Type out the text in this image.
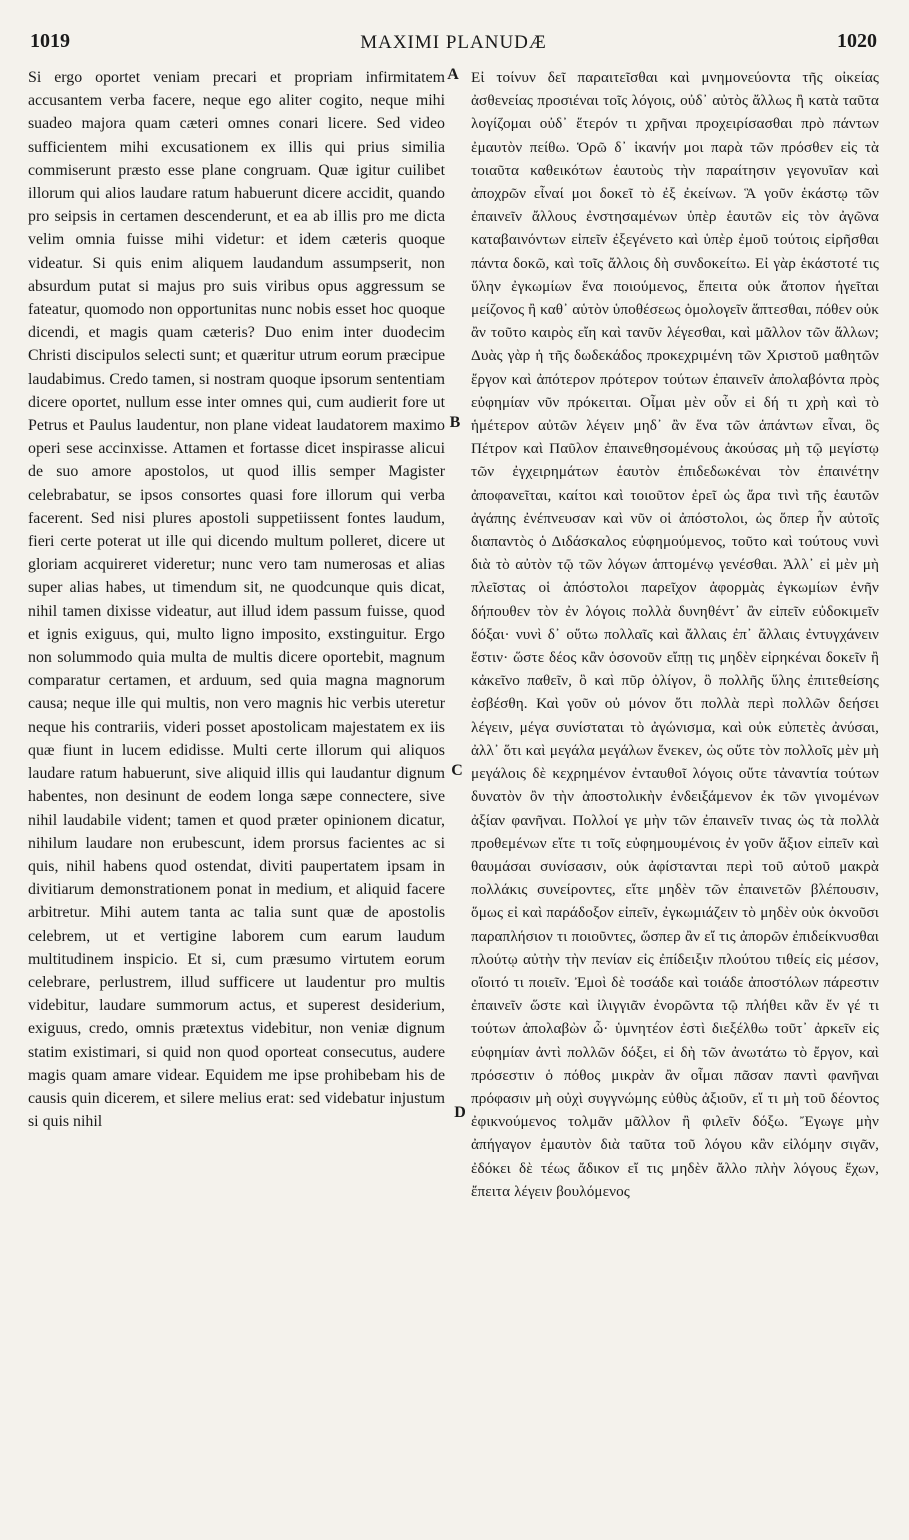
1019	MAXIMI PLANUDÆ	1020

Si ergo oportet veniam precari et propriam infirmitatem accusantem verba facere, neque ego aliter cogito, neque mihi suadeo majora quam cæteri omnes conari licere. Sed video sufficientem mihi excusationem ex illis qui prius similia commiserunt præsto esse plane congruam. Quæ igitur cuilibet illorum qui alios laudare ratum habuerunt dicere accidit, quando pro seipsis in certamen descenderunt, et ea ab illis pro me dicta velim omnia fuisse mihi videtur: et idem cæteris quoque videatur. Si quis enim aliquem laudandum assumpserit, non absurdum putat si majus pro suis viribus opus aggressum se fateatur, quomodo non opportunitas nunc nobis esset hoc quoque dicendi, et magis quam cæteris? Duo enim inter duodecim Christi discipulos selecti sunt; et quæritur utrum eorum præcipue laudabimus. Credo tamen, si nostram quoque ipsorum sententiam dicere oportet, nullum esse inter omnes qui, cum audierit fore ut Petrus et Paulus laudentur, non plane videat laudatorem maximo operi sese accinxisse. Attamen et fortasse dicet inspirasse alicui de suo amore apostolos, ut quod illis semper Magister celebrabatur, se ipsos consortes quasi fore illorum qui verba facerent. Sed nisi plures apostoli suppetiissent fontes laudum, fieri certe poterat ut ille qui dicendo multum polleret, dicere ut gloriam acquireret videretur; nunc vero tam numerosas et alias super alias habes, ut timendum sit, ne quodcunque quis dicat, nihil tamen dixisse videatur, aut illud idem passum fuisse, quod et ignis exiguus, qui, multo ligno imposito, exstinguitur. Ergo non solummodo quia multa de multis dicere oportebit, magnum comparatur certamen, et arduum, sed quia magna magnorum causa; neque ille qui multis, non vero magnis hic verbis uteretur neque his contrariis, videri posset apostolicam majestatem ex iis quæ fiunt in lucem edidisse. Multi certe illorum qui aliquos laudare ratum habuerunt, sive aliquid illis qui laudantur dignum habentes, non desinunt de eodem longa sæpe connectere, sive nihil laudabile vident; tamen et quod præter opinionem dicatur, nihilum laudare non erubescunt, idem prorsus facientes ac si quis, nihil habens quod ostendat, diviti paupertatem ipsam in divitiarum demonstrationem ponat in medium, et aliquid facere arbitretur. Mihi autem tanta ac talia sunt quæ de apostolis celebrem, ut et vertigine laborem cum earum laudum multitudinem inspicio. Et si, cum præsumo virtutem eorum celebrare, perlustrem, illud sufficere ut laudentur pro multis videbitur, laudare summorum actus, et superest desiderium, exiguus, credo, omnis prætextus videbitur, non veniæ dignum statim existimari, si quid non quod oporteat consecutus, audere magis quam amare videar. Equidem me ipse prohibebam his de causis quin dicerem, et silere melius erat: sed videbatur injustum si quis nihil

A
B
C
D

Εἰ τοίνυν δεῖ παραιτεῖσθαι καὶ μνημονεύοντα τῆς οἰκείας ἀσθενείας προσιέναι τοῖς λόγοις, οὐδ᾽ αὐτὸς ἄλλως ἢ κατὰ ταῦτα λογίζομαι οὐδ᾽ ἕτερόν τι χρῆναι προχειρίσασθαι πρὸ πάντων ἐμαυτὸν πείθω. Ὁρῶ δ᾽ ἱκανήν μοι παρὰ τῶν πρόσθεν εἰς τὰ τοιαῦτα καθεικότων ἑαυτοὺς τὴν παραίτησιν γεγονυῖαν καὶ ἀποχρῶν εἶναί μοι δοκεῖ τὸ ἐξ ἐκείνων. Ἃ γοῦν ἑκάστῳ τῶν ἐπαινεῖν ἄλλους ἐνστησαμένων ὑπὲρ ἑαυτῶν εἰς τὸν ἀγῶνα καταβαινόντων εἰπεῖν ἐξεγένετο καὶ ὑπὲρ ἐμοῦ τούτοις εἰρῆσθαι πάντα δοκῶ, καὶ τοῖς ἄλλοις δὴ συνδοκείτω. Εἰ γὰρ ἑκάστοτέ τις ὕλην ἐγκωμίων ἕνα ποιούμενος, ἔπειτα οὐκ ἄτοπον ἡγεῖται μείζονος ἢ καθ᾽ αὑτὸν ὑποθέσεως ὁμολογεῖν ἅπτεσθαι, πόθεν οὐκ ἂν τοῦτο καιρὸς εἴη καὶ τανῦν λέγεσθαι, καὶ μᾶλλον τῶν ἄλλων; Δυὰς γὰρ ἡ τῆς δωδεκάδος προκεχριμένη τῶν Χριστοῦ μαθητῶν ἔργον καὶ ἀπότερον πρότερον τούτων ἐπαινεῖν ἀπολαβόντα πρὸς εὐφημίαν νῦν πρόκειται. Οἶμαι μὲν οὖν εἰ δή τι χρὴ καὶ τὸ ἡμέτερον αὐτῶν λέγειν μηδ᾽ ἂν ἕνα τῶν ἁπάντων εἶναι, ὃς Πέτρον καὶ Παῦλον ἐπαινεθησομένους ἀκούσας μὴ τῷ μεγίστῳ τῶν ἐγχειρημάτων ἑαυτὸν ἐπιδεδωκέναι τὸν ἐπαινέτην ἀποφανεῖται, καίτοι καὶ τοιοῦτον ἐρεῖ ὡς ἄρα τινὶ τῆς ἑαυτῶν ἀγάπης ἐνέπνευσαν καὶ νῦν οἱ ἀπόστολοι, ὡς ὅπερ ἦν αὐτοῖς διαπαντὸς ὁ Διδάσκαλος εὐφημούμενος, τοῦτο καὶ τούτους νυνὶ διὰ τὸ αὐτὸν τῷ τῶν λόγων ἁπτομένῳ γενέσθαι. Ἀλλ᾽ εἰ μὲν μὴ πλεῖστας οἱ ἀπόστολοι παρεῖχον ἀφορμὰς ἐγκωμίων ἐνῆν δήπουθεν τὸν ἐν λόγοις πολλὰ δυνηθέντ᾽ ἂν εἰπεῖν εὐδοκιμεῖν δόξαι· νυνὶ δ᾽ οὕτω πολλαῖς καὶ ἄλλαις ἐπ᾽ ἄλλαις ἐντυγχάνειν ἔστιν· ὥστε δέος κἂν ὁσονοῦν εἴπῃ τις μηδὲν εἰρηκέναι δοκεῖν ἢ κἀκεῖνο παθεῖν, ὃ καὶ πῦρ ὀλίγον, ὃ πολλῆς ὕλης ἐπιτεθείσης ἐσβέσθη. Καὶ γοῦν οὐ μόνον ὅτι πολλὰ περὶ πολλῶν δεήσει λέγειν, μέγα συνίσταται τὸ ἀγώνισμα, καὶ οὐκ εὐπετὲς ἀνύσαι, ἀλλ᾽ ὅτι καὶ μεγάλα μεγάλων ἕνεκεν, ὡς οὔτε τὸν πολλοῖς μὲν μὴ μεγάλοις δὲ κεχρημένον ἐνταυθοῖ λόγοις οὔτε τἀναντία τούτων δυνατὸν ὂν τὴν ἀποστολικὴν ἐνδειξάμενον ἐκ τῶν γινομένων ἀξίαν φανῆναι. Πολλοί γε μὴν τῶν ἐπαινεῖν τινας ὡς τὰ πολλὰ προθεμένων εἴτε τι τοῖς εὐφημουμένοις ἐν γοῦν ἄξιον εἰπεῖν καὶ θαυμάσαι συνίσασιν, οὐκ ἀφίστανται περὶ τοῦ αὐτοῦ μακρὰ πολλάκις συνείροντες, εἴτε μηδὲν τῶν ἐπαινετῶν βλέπουσιν, ὅμως εἰ καὶ παράδοξον εἰπεῖν, ἐγκωμιάζειν τὸ μηδὲν οὐκ ὀκνοῦσι παραπλήσιον τι ποιοῦντες, ὥσπερ ἂν εἴ τις ἀπορῶν ἐπιδείκνυσθαι πλούτῳ αὐτὴν τὴν πενίαν εἰς ἐπίδειξιν πλούτου τιθείς εἰς μέσον, οἴοιτό τι ποιεῖν. Ἐμοὶ δὲ τοσάδε καὶ τοιάδε ἀποστόλων πάρεστιν ἐπαινεῖν ὥστε καὶ ἰλιγγιᾶν ἐνορῶντα τῷ πλήθει κἂν ἔν γέ τι τούτων ἀπολαβὼν ὦ· ὑμνητέον ἐστὶ διεξέλθω τοῦτ᾽ ἀρκεῖν εἰς εὐφημίαν ἀντὶ πολλῶν δόξει, εἰ δὴ τῶν ἀνωτάτω τὸ ἔργον, καὶ πρόσεστιν ὁ πόθος μικρὰν ἂν οἶμαι πᾶσαν παντὶ φανῆναι πρόφασιν μὴ οὐχὶ συγγνώμης εὐθὺς ἀξιοῦν, εἴ τι μὴ τοῦ δέοντος ἐφικνούμενος τολμᾶν μᾶλλον ἢ φιλεῖν δόξω. Ἔγωγε μὴν ἀπήγαγον ἐμαυτὸν διὰ ταῦτα τοῦ λόγου κἂν εἰλόμην σιγᾶν, ἐδόκει δὲ τέως ἄδικον εἴ τις μηδὲν ἄλλο πλὴν λόγους ἔχων, ἔπειτα λέγειν βουλόμενος
